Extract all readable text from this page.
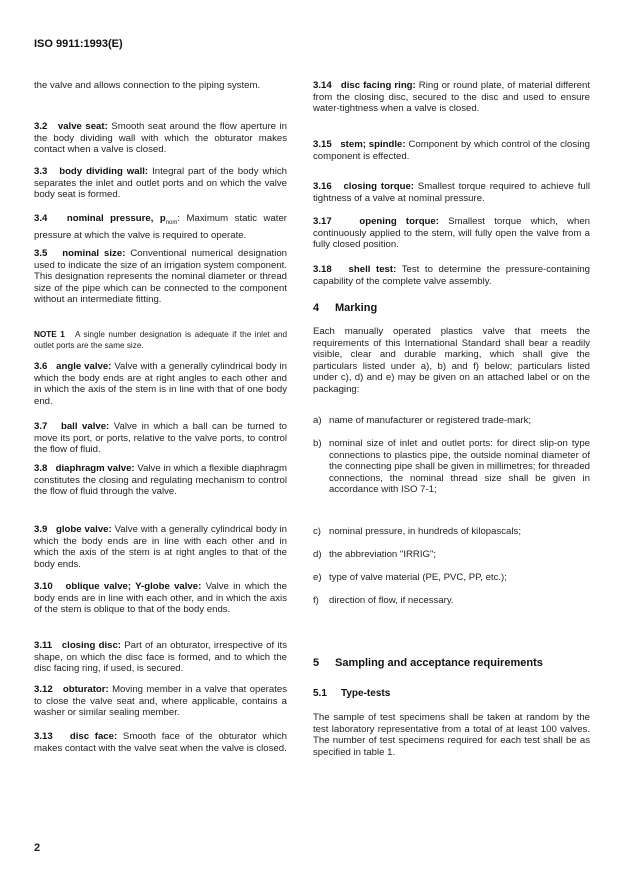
ISO 9911:1993(E)
the valve and allows connection to the piping system.
3.2 valve seat: Smooth seat around the flow aperture in the body dividing wall with which the obturator makes contact when a valve is closed.
3.3 body dividing wall: Integral part of the body which separates the inlet and outlet ports and on which the valve body seat is formed.
3.4 nominal pressure, $p_{nom}$: Maximum static water pressure at which the valve is required to operate.
3.5 nominal size: Conventional numerical designation used to indicate the size of an irrigation system component. This designation represents the nominal diameter or thread size of the pipe which can be connected to the component without an intermediate fitting.
NOTE 1 A single number designation is adequate if the inlet and outlet ports are the same size.
3.6 angle valve: Valve with a generally cylindrical body in which the body ends are at right angles to each other and in which the axis of the stem is in line with that of one body end.
3.7 ball valve: Valve in which a ball can be turned to move its port, or ports, relative to the valve ports, to control the flow of fluid.
3.8 diaphragm valve: Valve in which a flexible diaphragm constitutes the closing and regulating mechanism to control the flow of fluid through the valve.
3.9 globe valve: Valve with a generally cylindrical body in which the body ends are in line with each other and in which the axis of the stem is at right angles to that of the body ends.
3.10 oblique valve; Y-globe valve: Valve in which the body ends are in line with each other, and in which the axis of the stem is oblique to that of the body ends.
3.11 closing disc: Part of an obturator, irrespective of its shape, on which the disc face is formed, and to which the disc facing ring, if used, is secured.
3.12 obturator: Moving member in a valve that operates to close the valve seat and, where applicable, contains a washer or similar sealing member.
3.13 disc face: Smooth face of the obturator which makes contact with the valve seat when the valve is closed.
3.14 disc facing ring: Ring or round plate, of material different from the closing disc, secured to the disc and used to ensure water-tightness when a valve is closed.
3.15 stem; spindle: Component by which control of the closing component is effected.
3.16 closing torque: Smallest torque required to achieve full tightness of a valve at nominal pressure.
3.17	opening torque: Smallest torque which, when continuously applied to the stem, will fully open the valve from a fully closed position.
3.18 shell test: Test to determine the pressure-containing capability of the complete valve assembly.
4 Marking
Each manually operated plastics valve that meets the requirements of this International Standard shall bear a readily visible, clear and durable marking, which shall give the particulars listed under a), b) and f) below; particulars listed under c), d) and e) may be given on an attached label or on the packaging:
a) name of manufacturer or registered trade-mark;
b) nominal size of inlet and outlet ports: for direct slip-on type connections to plastics pipe, the outside nominal diameter of the connecting pipe shall be given in millimetres; for threaded connections, the nominal thread size shall be given in accordance with ISO 7-1;
c) nominal pressure, in hundreds of kilopascals;
d) the abbreviation "IRRIG";
e) type of valve material (PE, PVC, PP, etc.);
f)	direction of flow, if necessary.
5 Sampling and acceptance requirements
5.1 Type-tests
The sample of test specimens shall be taken at random by the test laboratory representative from a total of at least 100 valves. The number of test specimens required for each test shall be as specified in table 1.
2
